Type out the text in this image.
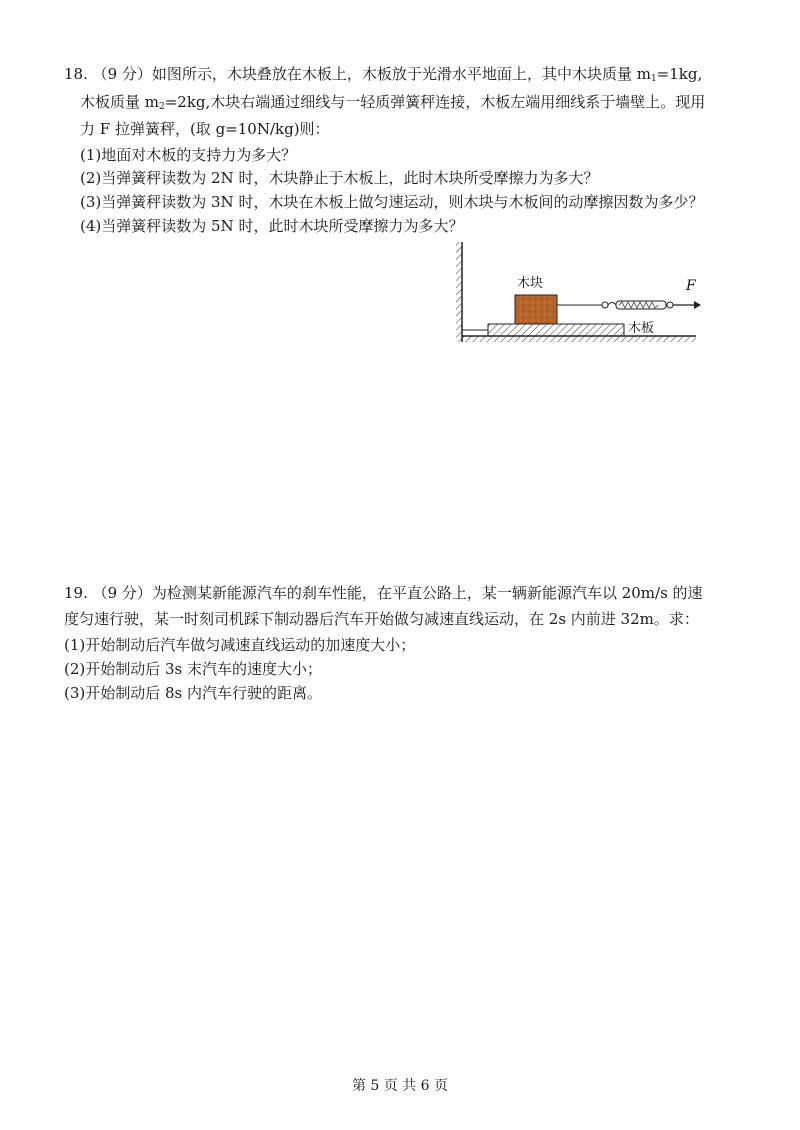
18. （9 分）如图所示，木块叠放在木板上，木板放于光滑水平地面上，其中木块质量 $m_1=1kg$,
木板质量 $m_2=2kg$,木块右端通过细线与一轻质弹簧秤连接，木板左端用细线系于墙壁上。现用
力 F 拉弹簧秤，(取 g=10N/kg)则：
(1)地面对木板的支持力为多大？
(2)当弹簧秤读数为 2N 时，木块静止于木板上，此时木块所受摩擦力为多大？
(3)当弹簧秤读数为 3N 时，木块在木板上做匀速运动，则木块与木板间的动摩擦因数为多少？
(4)当弹簧秤读数为 5N 时，此时木块所受摩擦力为多大？
木块
木板
F
19. （9 分）为检测某新能源汽车的刹车性能，在平直公路上，某一辆新能源汽车以 20m/s 的速
度匀速行驶，某一时刻司机踩下制动器后汽车开始做匀减速直线运动，在 2s 内前进 32m。求：
(1)开始制动后汽车做匀减速直线运动的加速度大小；
(2)开始制动后 3s 末汽车的速度大小；
(3)开始制动后 8s 内汽车行驶的距离。
第 5 页 共 6 页
